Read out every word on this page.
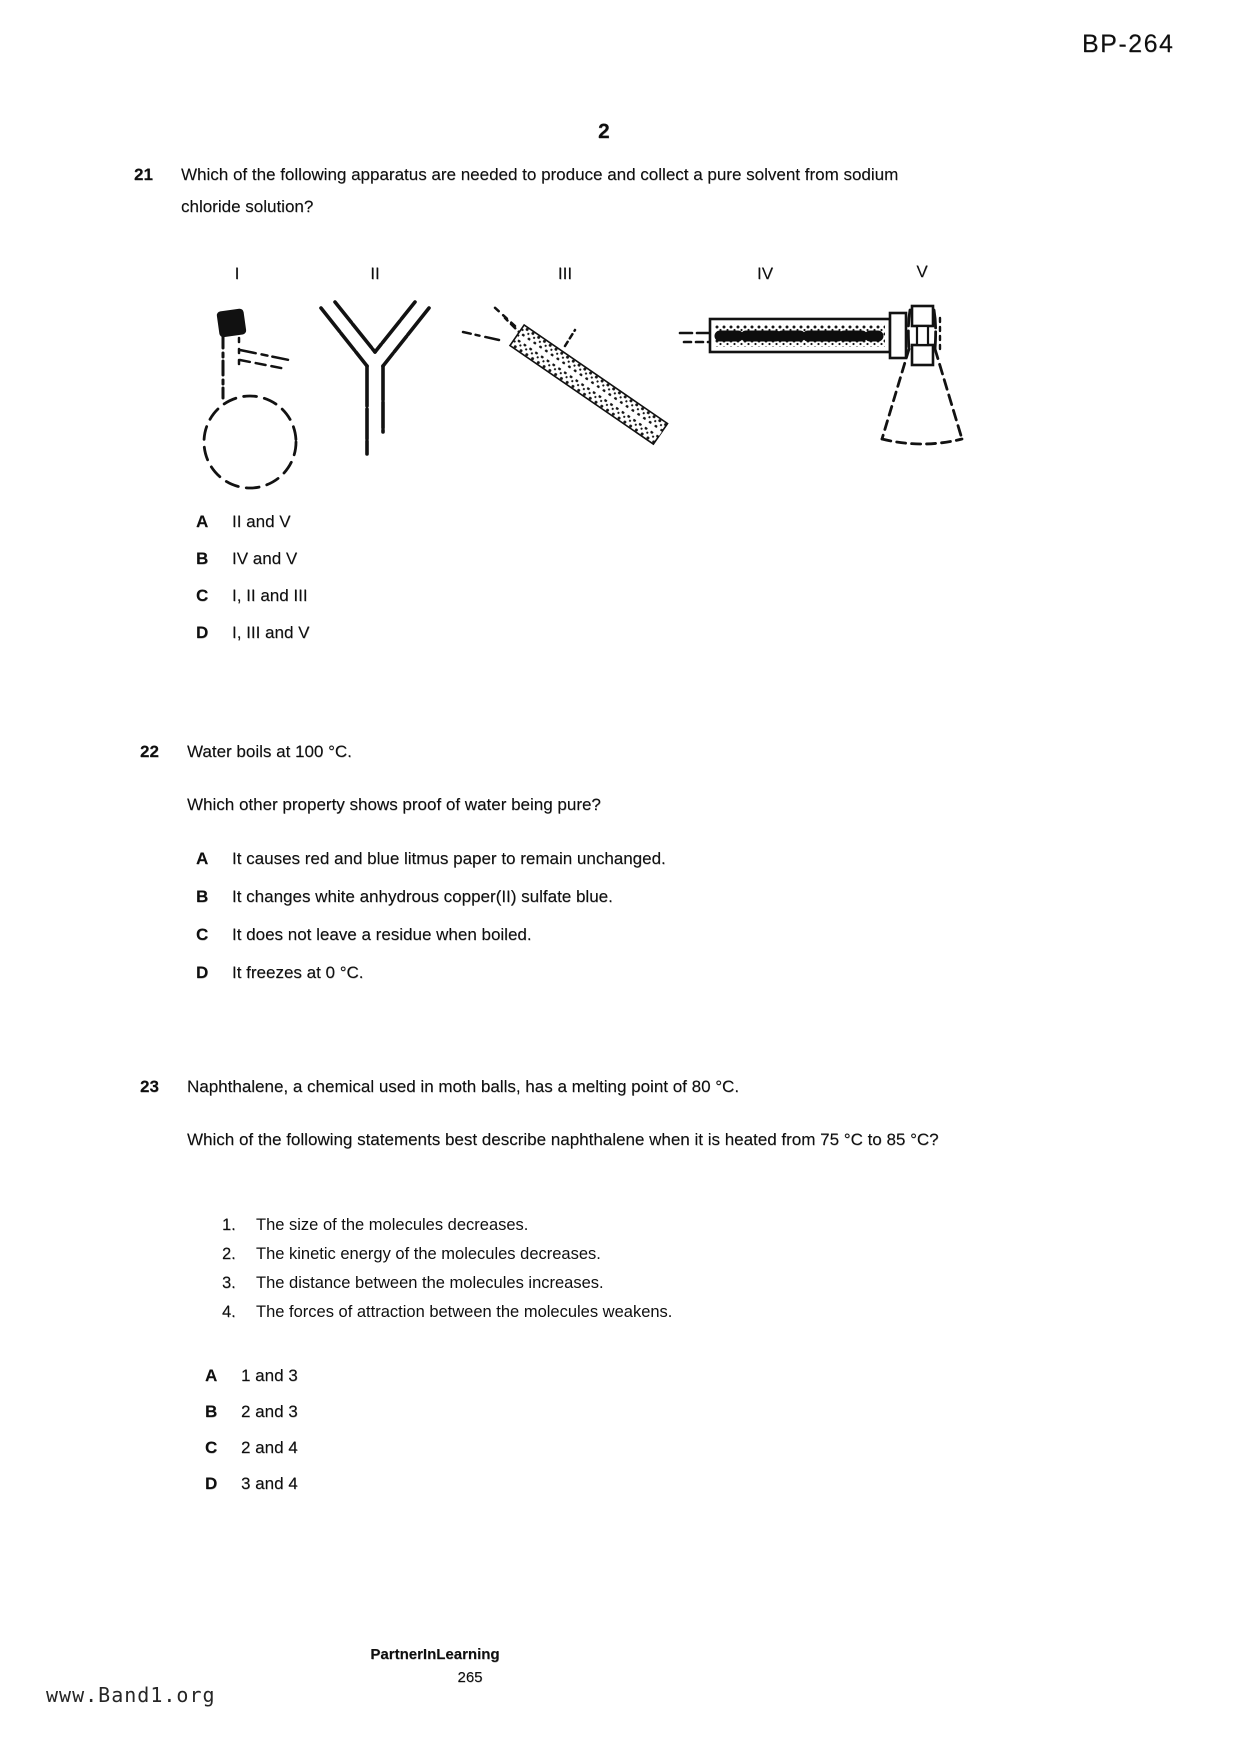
BP-264
2
21 Which of the following apparatus are needed to produce and collect a pure solvent from sodium chloride solution?
I	II	III	IV	V
A II and V
B IV and V
C I, II and III
D I, III and V
22 Water boils at 100 °C.
Which other property shows proof of water being pure?
A It causes red and blue litmus paper to remain unchanged.
B It changes white anhydrous copper(II) sulfate blue.
C It does not leave a residue when boiled.
D It freezes at 0 °C.
23 Naphthalene, a chemical used in moth balls, has a melting point of 80 °C.
Which of the following statements best describe naphthalene when it is heated from 75 °C to 85 °C?
1. The size of the molecules decreases.
2. The kinetic energy of the molecules decreases.
3. The distance between the molecules increases.
4. The forces of attraction between the molecules weakens.
A 1 and 3
B 2 and 3
C 2 and 4
D 3 and 4
PartnerInLearning
265
www.Band1.org
